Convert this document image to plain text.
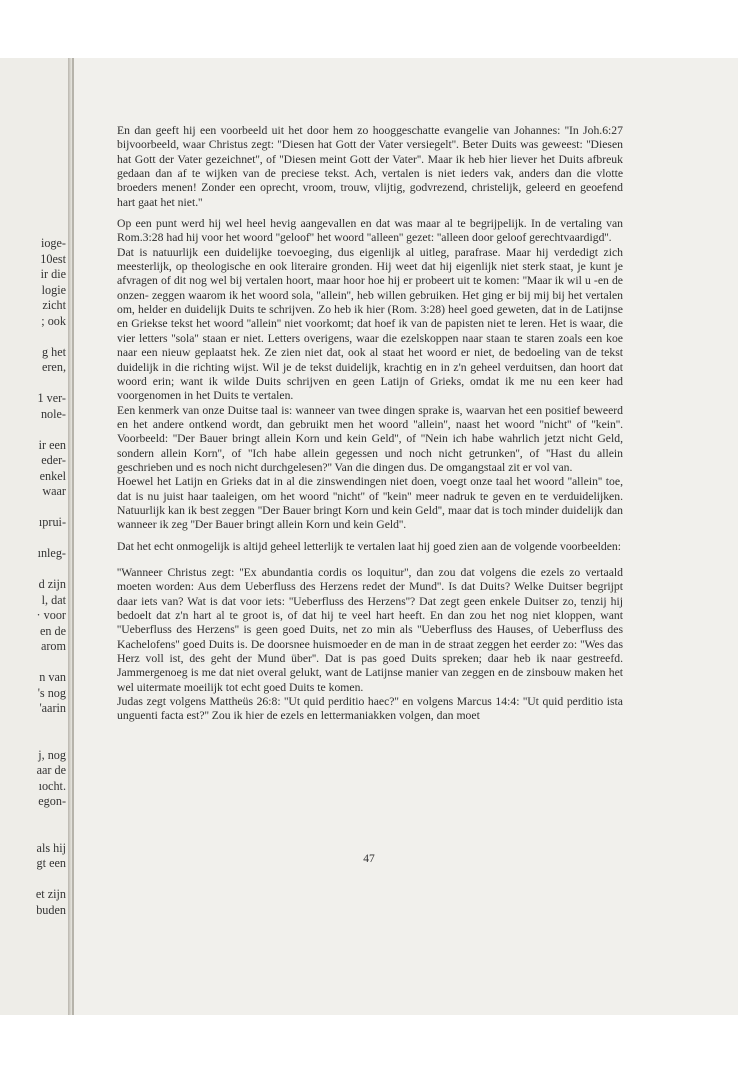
ioge-
10est
ir die
logie
zicht
; ook
g het
eren,
1 ver-
nole-
ir een
eder-
enkel
waar
ıprui-
ınleg-
d zijn
l, dat
· voor
en de
arom
n van
's nog
'aarin
j, nog
aar de
ıocht.
egon-
als hij
gt een
et zijn
buden
En dan geeft hij een voorbeeld uit het door hem zo hooggeschatte evangelie van Johannes: ''In Joh.6:27 bijvoorbeeld, waar Christus zegt: ''Diesen hat Gott der Vater versiegelt''. Beter Duits was geweest: ''Diesen hat Gott der Vater gezeichnet'', of ''Diesen meint Gott der Vater''. Maar ik heb hier liever het Duits afbreuk gedaan dan af te wijken van de preciese tekst. Ach, vertalen is niet ieders vak, anders dan die vlotte broeders menen! Zonder een oprecht, vroom, trouw, vlijtig, godvrezend, christelijk, geleerd en geoefend hart gaat het niet.''
Op een punt werd hij wel heel hevig aangevallen en dat was maar al te begrijpelijk. In de vertaling van Rom.3:28 had hij voor het woord ''geloof'' het woord ''alleen'' gezet: ''alleen door geloof gerechtvaardigd''.
Dat is natuurlijk een duidelijke toevoeging, dus eigenlijk al uitleg, parafrase. Maar hij verdedigt zich meesterlijk, op theologische en ook literaire gronden. Hij weet dat hij eigenlijk niet sterk staat, je kunt je afvragen of dit nog wel bij vertalen hoort, maar hoor hoe hij er probeert uit te komen: ''Maar ik wil u -en de onzen- zeggen waarom ik het woord sola, ''allein'', heb willen gebruiken. Het ging er bij mij bij het vertalen om, helder en duidelijk Duits te schrijven. Zo heb ik hier (Rom. 3:28) heel goed geweten, dat in de Latijnse en Griekse tekst het woord ''allein'' niet voorkomt; dat hoef ik van de papisten niet te leren. Het is waar, die vier letters ''sola'' staan er niet. Letters overigens, waar die ezelskoppen naar staan te staren zoals een koe naar een nieuw geplaatst hek. Ze zien niet dat, ook al staat het woord er niet, de bedoeling van de tekst duidelijk in die richting wijst. Wil je de tekst duidelijk, krachtig en in z'n geheel verduitsen, dan hoort dat woord erin; want ik wilde Duits schrijven en geen Latijn of Grieks, omdat ik me nu een keer had voorgenomen in het Duits te vertalen.
Een kenmerk van onze Duitse taal is: wanneer van twee dingen sprake is, waarvan het een positief beweerd en het andere ontkend wordt, dan gebruikt men het woord ''allein'', naast het woord ''nicht'' of ''kein''. Voorbeeld: ''Der Bauer bringt allein Korn und kein Geld'', of ''Nein ich habe wahrlich jetzt nicht Geld, sondern allein Korn'', of ''Ich habe allein gegessen und noch nicht getrunken'', of ''Hast du allein geschrieben und es noch nicht durchgelesen?'' Van die dingen dus. De omgangstaal zit er vol van.
Hoewel het Latijn en Grieks dat in al die zinswendingen niet doen, voegt onze taal het woord ''allein'' toe, dat is nu juist haar taaleigen, om het woord ''nicht'' of ''kein'' meer nadruk te geven en te verduidelijken. Natuurlijk kan ik best zeggen ''Der Bauer bringt Korn und kein Geld'', maar dat is toch minder duidelijk dan wanneer ik zeg ''Der Bauer bringt allein Korn und kein Geld''.
Dat het echt onmogelijk is altijd geheel letterlijk te vertalen laat hij goed zien aan de volgende voorbeelden:
''Wanneer Christus zegt: ''Ex abundantia cordis os loquitur'', dan zou dat volgens die ezels zo vertaald moeten worden: Aus dem Ueberfluss des Herzens redet der Mund''. Is dat Duits? Welke Duitser begrijpt daar iets van? Wat is dat voor iets: ''Ueberfluss des Herzens''? Dat zegt geen enkele Duitser zo, tenzij hij bedoelt dat z'n hart al te groot is, of dat hij te veel hart heeft. En dan zou het nog niet kloppen, want ''Ueberfluss des Herzens'' is geen goed Duits, net zo min als ''Ueberfluss des Hauses, of Ueberfluss des Kachelofens'' goed Duits is. De doorsnee huismoeder en de man in de straat zeggen het eerder zo: ''Wes das Herz voll ist, des geht der Mund über''. Dat is pas goed Duits spreken; daar heb ik naar gestreefd. Jammergenoeg is me dat niet overal gelukt, want de Latijnse manier van zeggen en de zinsbouw maken het wel uitermate moeilijk tot echt goed Duits te komen.
Judas zegt volgens Mattheüs 26:8: ''Ut quid perditio haec?'' en volgens Marcus 14:4: ''Ut quid perditio ista unguenti facta est?'' Zou ik hier de ezels en lettermaniakken volgen, dan moet
47
